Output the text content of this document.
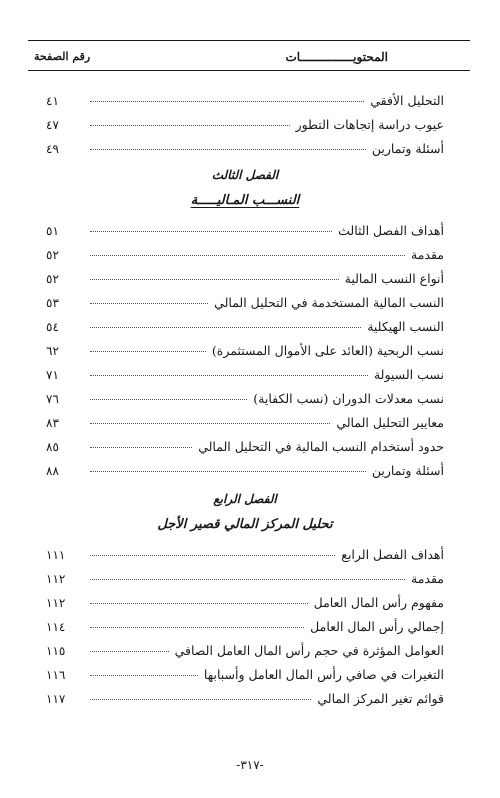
المحتويـــــــــــــــات
رقم الصفحة
التحليل الأفقي
٤١
عيوب دراسة إتجاهات التطور
٤٧
أسئلة وتمارين
٤٩
الفصل الثالث
النســـب المـاليـــــة
أهداف الفصل الثالث
٥١
مقدمة
٥٢
أنواع النسب المالية
٥٢
النسب المالية المستخدمة في التحليل المالي
٥٣
النسب الهيكلية
٥٤
نسب الربحية (العائد على الأموال المستثمرة)
٦٢
نسب السيولة
٧١
نسب معدلات الدوران (نسب الكفاية)
٧٦
معايير التحليل المالي
٨٣
حدود أستخدام النسب المالية في التحليل المالي
٨٥
أسئلة وتمارين
٨٨
الفصل الرابع
تحليل المركز المالي قصير الأجل
أهداف الفصل الرابع
١١١
مقدمة
١١٢
مفهوم رأس المال العامل
١١٢
إجمالي رأس المال العامل
١١٤
العوامل المؤثرة في حجم رأس المال العامل الصافي
١١٥
التغيرات في صافي رأس المال العامل وأسبابها
١١٦
قوائم تغير المركز المالي
١١٧
-٣١٧-
